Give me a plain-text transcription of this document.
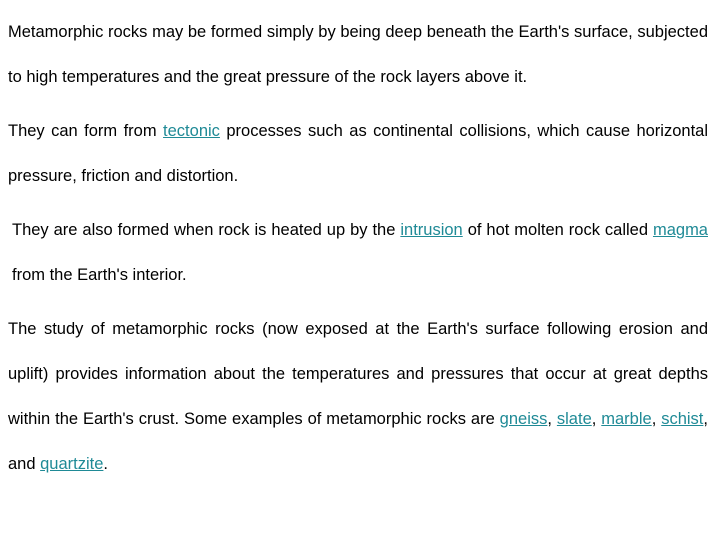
Metamorphic rocks may be formed simply by being deep beneath the Earth's surface, subjected to high temperatures and the great pressure of the rock layers above it.

They can form from tectonic processes such as continental collisions, which cause horizontal pressure, friction and distortion.

They are also formed when rock is heated up by the intrusion of hot molten rock called magma from the Earth's interior.

The study of metamorphic rocks (now exposed at the Earth's surface following erosion and uplift) provides information about the temperatures and pressures that occur at great depths within the Earth's crust. Some examples of metamorphic rocks are gneiss, slate, marble, schist, and quartzite.
